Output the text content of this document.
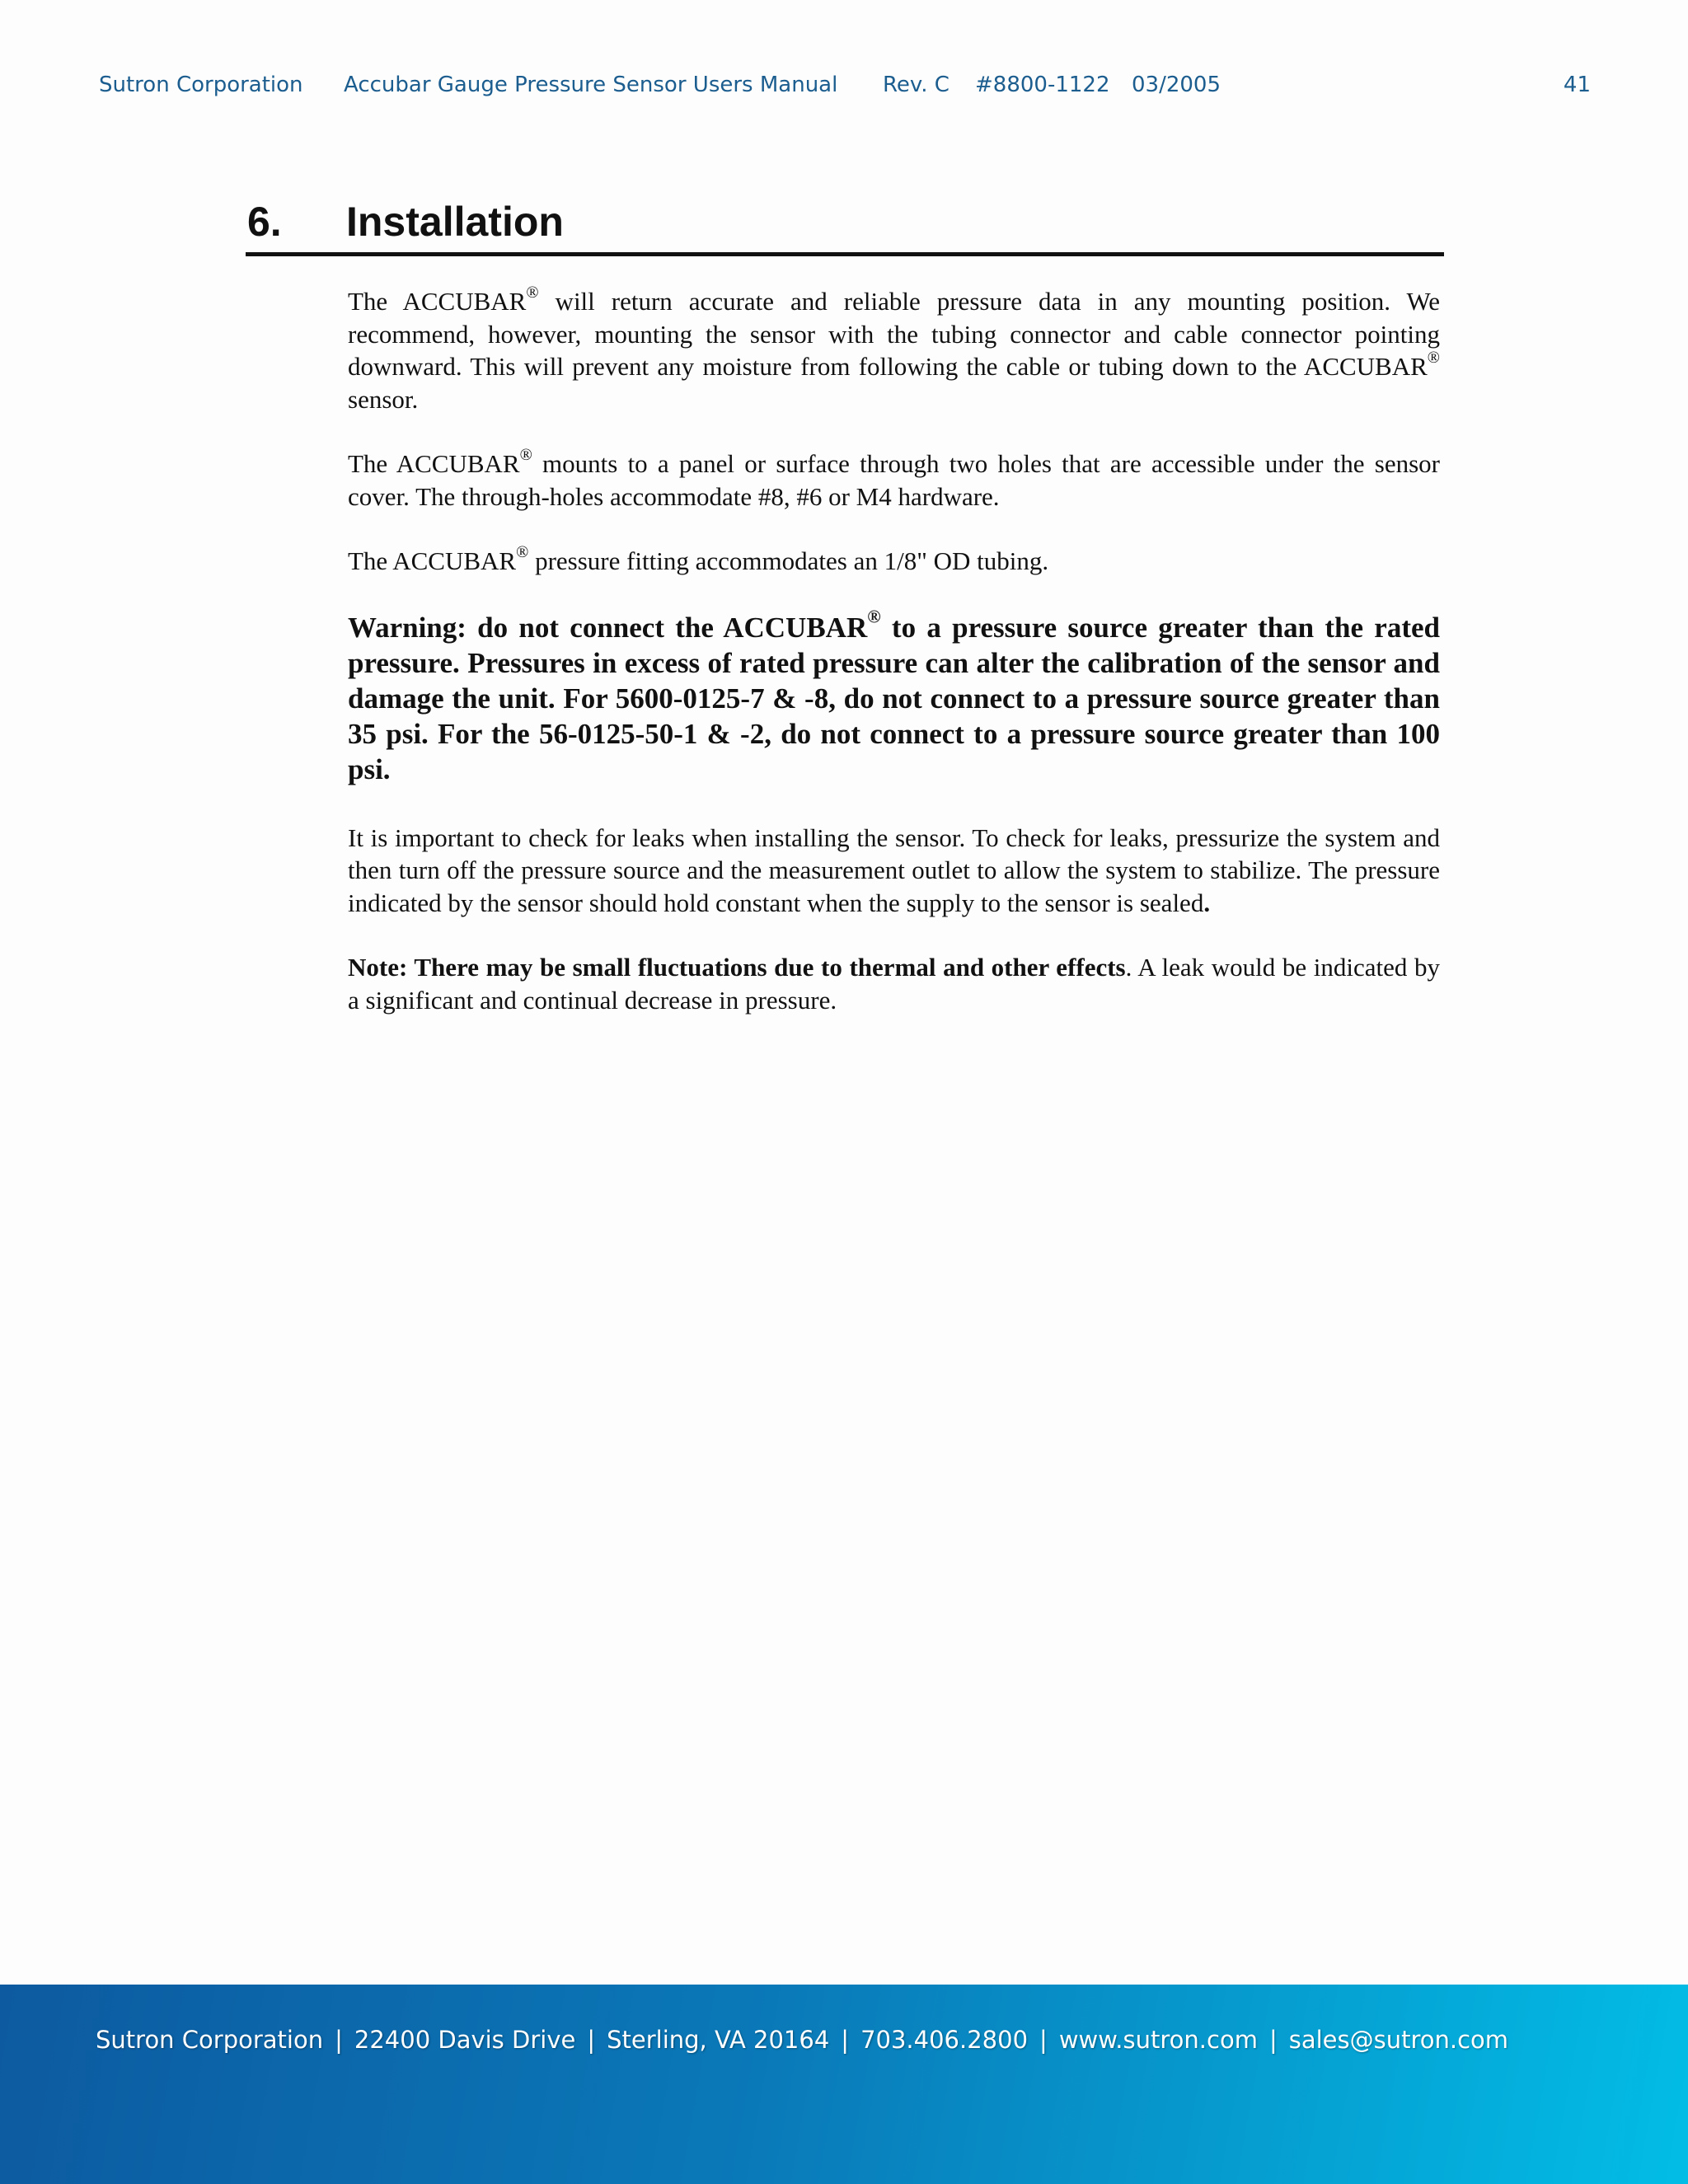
Sutron Corporation Accubar Gauge Pressure Sensor Users Manual Rev. C #8800-1122 03/2005	41
6. Installation

The ACCUBAR® will return accurate and reliable pressure data in any mounting position. We recommend, however, mounting the sensor with the tubing connector and cable connector pointing downward. This will prevent any moisture from following the cable or tubing down to the ACCUBAR® sensor.

The ACCUBAR® mounts to a panel or surface through two holes that are accessible under the sensor cover. The through-holes accommodate #8, #6 or M4 hardware.

The ACCUBAR® pressure fitting accommodates an 1/8" OD tubing.

Warning: do not connect the ACCUBAR® to a pressure source greater than the rated pressure. Pressures in excess of rated pressure can alter the calibration of the sensor and damage the unit. For 5600-0125-7 & -8, do not connect to a pressure source greater than 35 psi. For the 56-0125-50-1 & -2, do not connect to a pressure source greater than 100 psi.

It is important to check for leaks when installing the sensor. To check for leaks, pressurize the system and then turn off the pressure source and the measurement outlet to allow the system to stabilize. The pressure indicated by the sensor should hold constant when the supply to the sensor is sealed.

Note: There may be small fluctuations due to thermal and other effects. A leak would be indicated by a significant and continual decrease in pressure.

Sutron Corporation | 22400 Davis Drive | Sterling, VA 20164 | 703.406.2800 | www.sutron.com | sales@sutron.com
